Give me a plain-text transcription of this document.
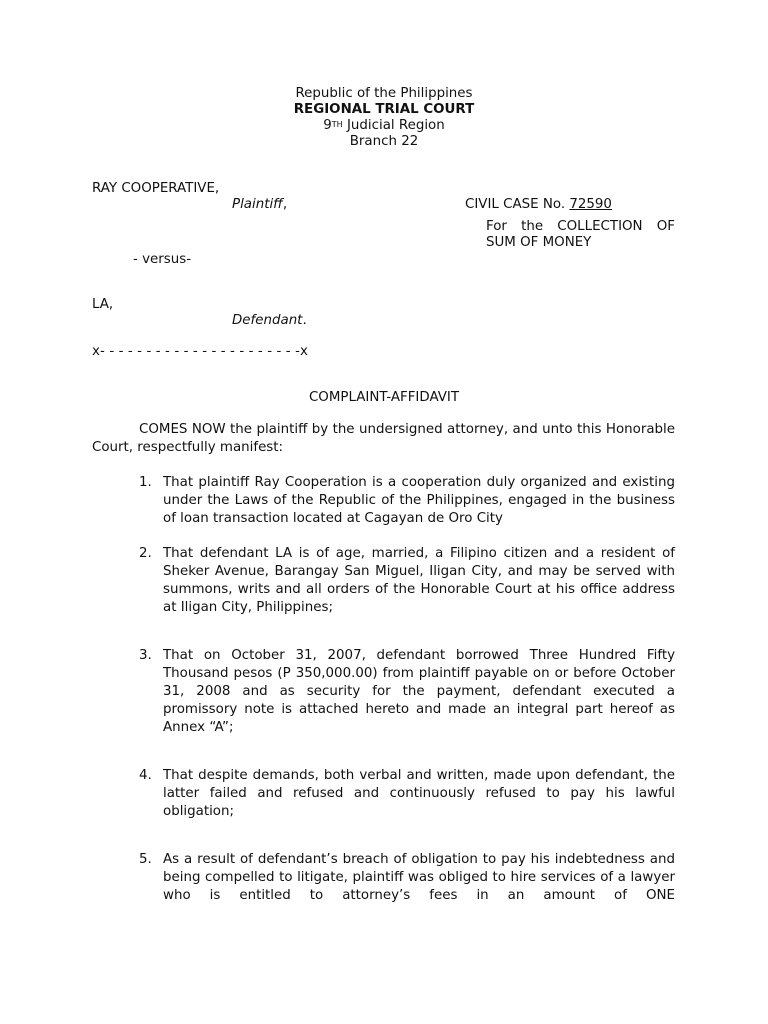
Republic of the Philippines
REGIONAL TRIAL COURT
9TH Judicial Region
Branch 22
RAY COOPERATIVE,
Plaintiff,	CIVIL CASE No. 72590
For the COLLECTION OF
SUM OF MONEY
- versus-
LA,
Defendant.
x- - - - - - - - - - - - - - - - - - - - - -x
COMPLAINT-AFFIDAVIT
COMES NOW the plaintiff by the undersigned attorney, and unto this Honorable Court, respectfully manifest:
1. That plaintiff Ray Cooperation is a cooperation duly organized and existing under the Laws of the Republic of the Philippines, engaged in the business of loan transaction located at Cagayan de Oro City
2. That defendant LA is of age, married, a Filipino citizen and a resident of Sheker Avenue, Barangay San Miguel, Iligan City, and may be served with summons, writs and all orders of the Honorable Court at his office address at Iligan City, Philippines;
3. That on October 31, 2007, defendant borrowed Three Hundred Fifty Thousand pesos (P 350,000.00) from plaintiff payable on or before October 31, 2008 and as security for the payment, defendant executed a promissory note is attached hereto and made an integral part hereof as Annex “A”;
4. That despite demands, both verbal and written, made upon defendant, the latter failed and refused and continuously refused to pay his lawful obligation;
5. As a result of defendant’s breach of obligation to pay his indebtedness and being compelled to litigate, plaintiff was obliged to hire services of a lawyer who is entitled to attorney’s fees in an amount of ONE
